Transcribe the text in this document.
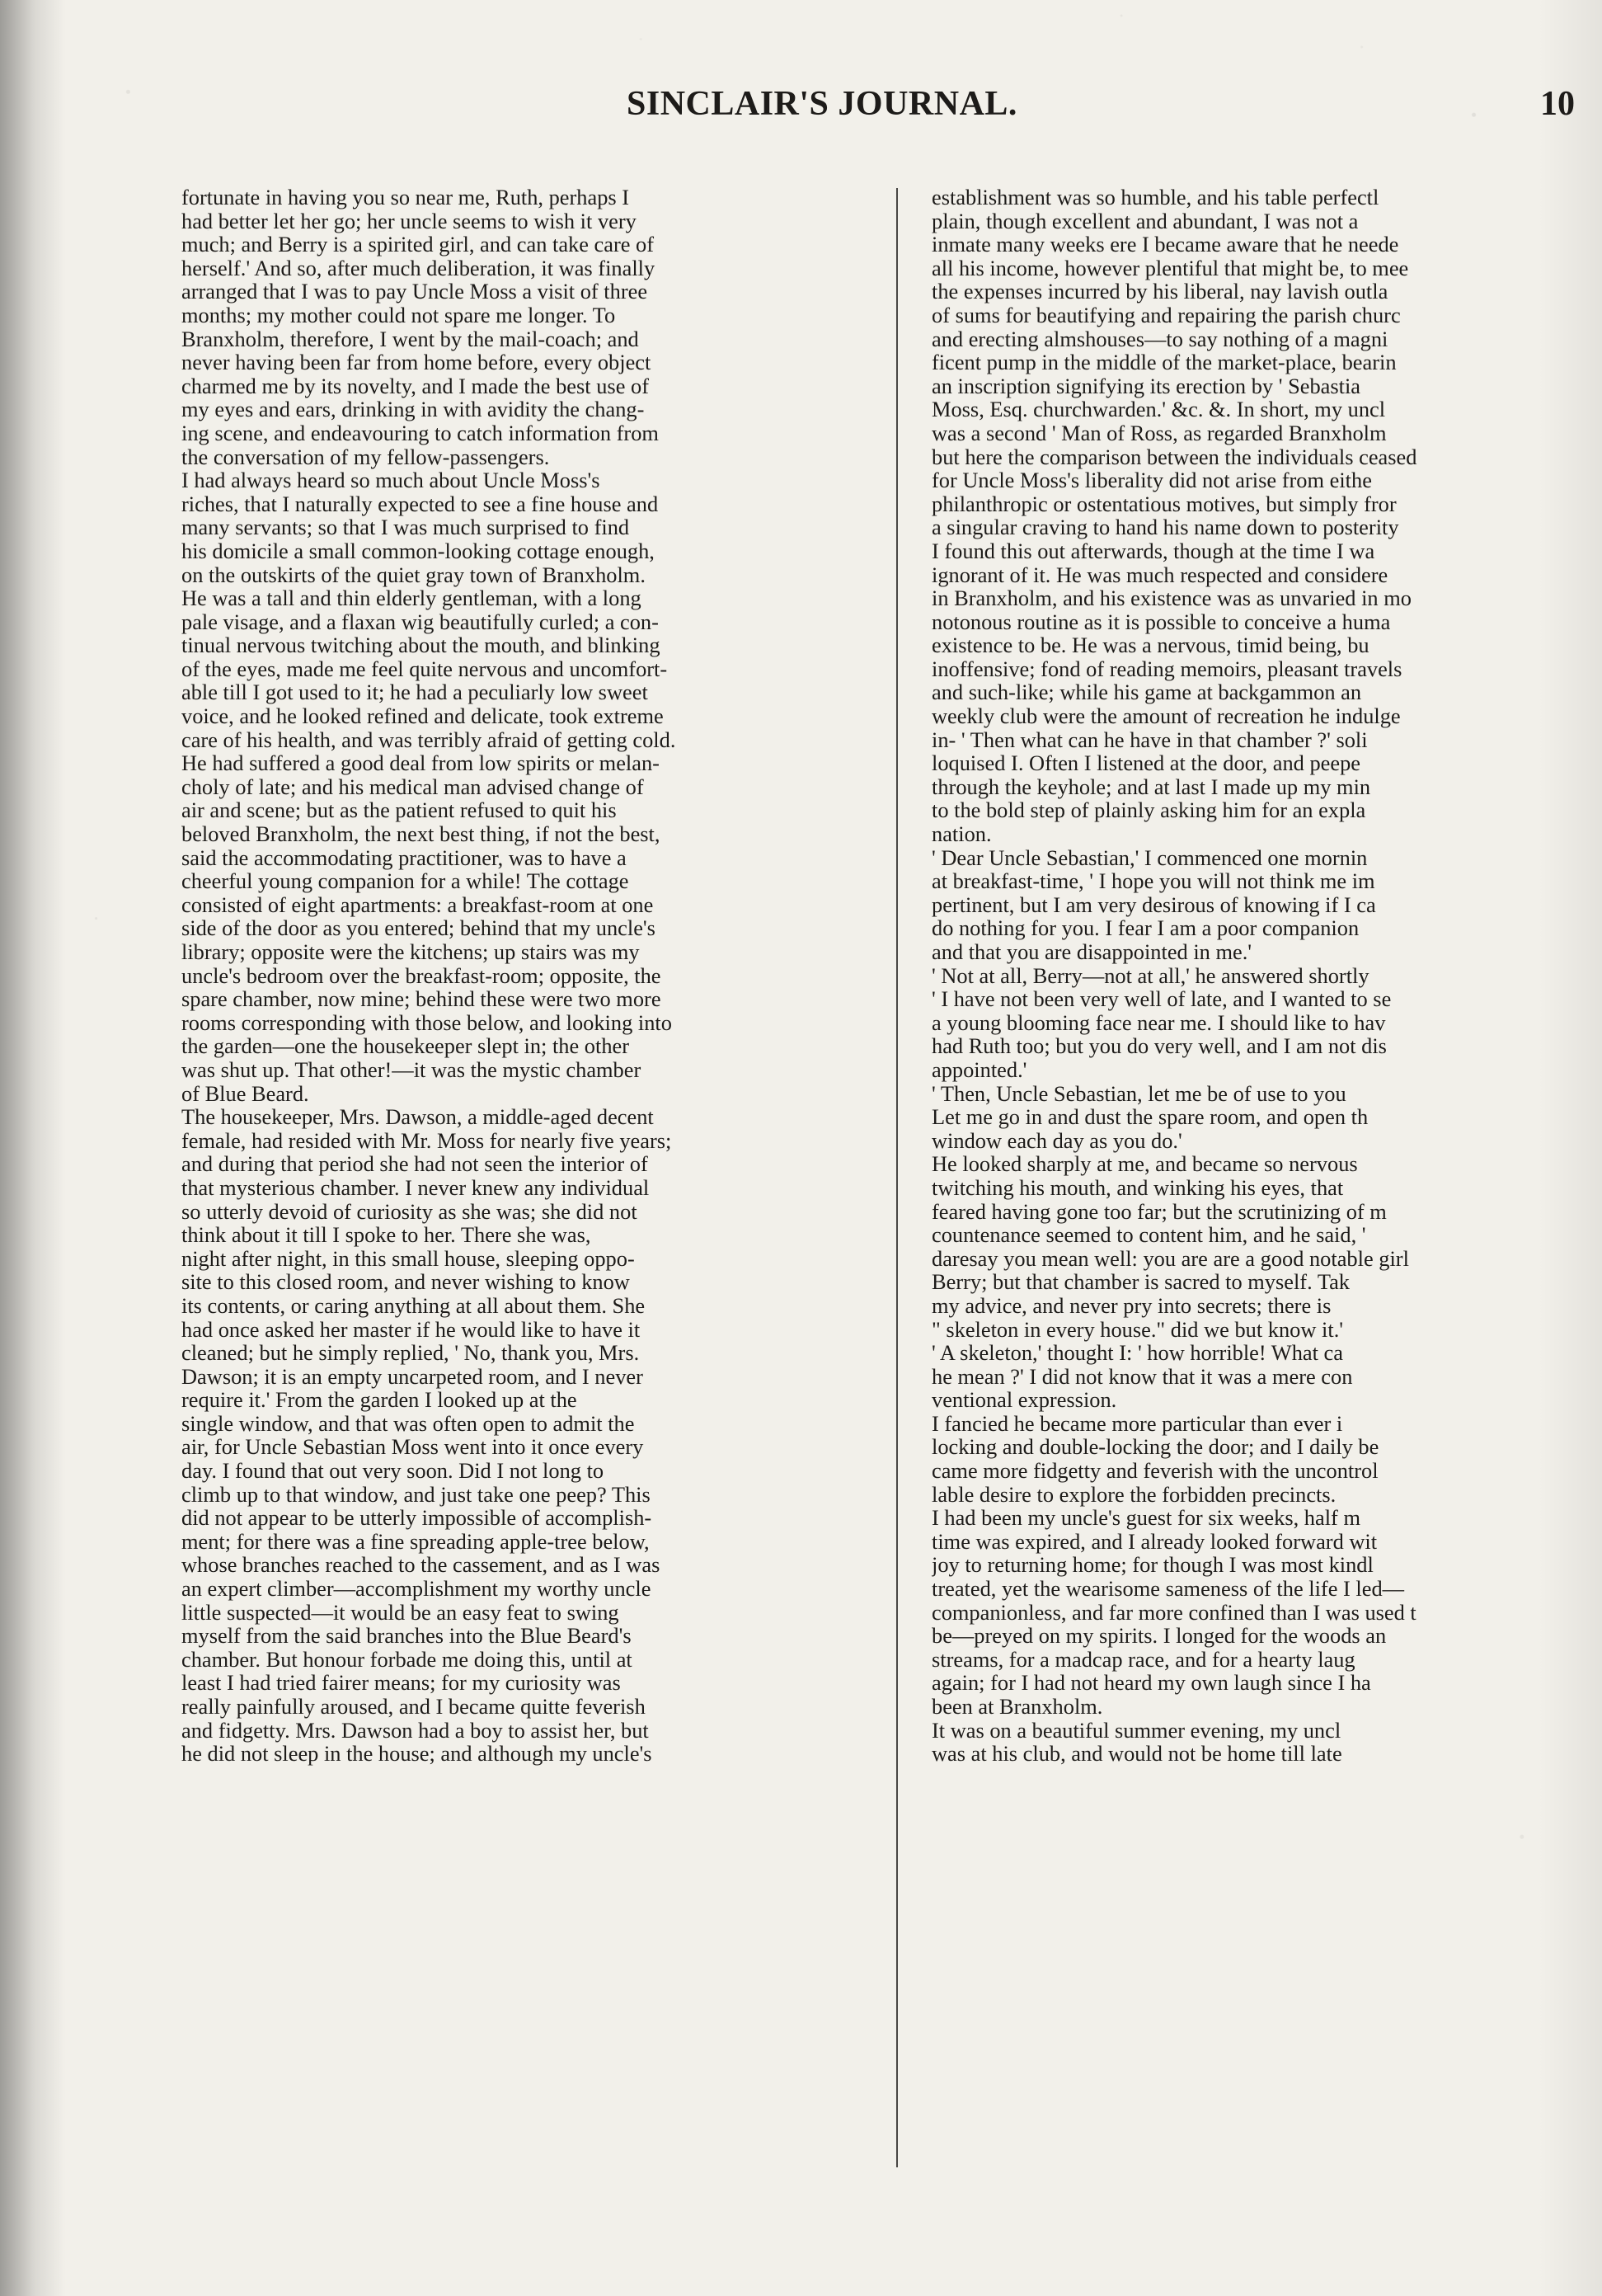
SINCLAIR'S JOURNAL.	10

fortunate in having you so near me, Ruth, perhaps I
had better let her go; her uncle seems to wish it very
much; and Berry is a spirited girl, and can take care of
herself.' And so, after much deliberation, it was finally
arranged that I was to pay Uncle Moss a visit of three
months; my mother could not spare me longer. To
Branxholm, therefore, I went by the mail-coach; and
never having been far from home before, every object
charmed me by its novelty, and I made the best use of
my eyes and ears, drinking in with avidity the chang-
ing scene, and endeavouring to catch information from
the conversation of my fellow-passengers.

I had always heard so much about Uncle Moss's
riches, that I naturally expected to see a fine house and
many servants; so that I was much surprised to find
his domicile a small common-looking cottage enough,
on the outskirts of the quiet gray town of Branxholm.

He was a tall and thin elderly gentleman, with a long
pale visage, and a flaxan wig beautifully curled; a con-
tinual nervous twitching about the mouth, and blinking
of the eyes, made me feel quite nervous and uncomfort-
able till I got used to it; he had a peculiarly low sweet
voice, and he looked refined and delicate, took extreme
care of his health, and was terribly afraid of getting cold.
He had suffered a good deal from low spirits or melan-
choly of late; and his medical man advised change of
air and scene; but as the patient refused to quit his
beloved Branxholm, the next best thing, if not the best,
said the accommodating practitioner, was to have a
cheerful young companion for a while! The cottage
consisted of eight apartments: a breakfast-room at one
side of the door as you entered; behind that my uncle's
library; opposite were the kitchens; up stairs was my
uncle's bedroom over the breakfast-room; opposite, the
spare chamber, now mine; behind these were two more
rooms corresponding with those below, and looking into
the garden—one the housekeeper slept in; the other
was shut up. That other!—it was the mystic chamber
of Blue Beard.

The housekeeper, Mrs. Dawson, a middle-aged decent
female, had resided with Mr. Moss for nearly five years;
and during that period she had not seen the interior of
that mysterious chamber. I never knew any individual
so utterly devoid of curiosity as she was; she did not
think about it till I spoke to her. There she was,
night after night, in this small house, sleeping oppo-
site to this closed room, and never wishing to know
its contents, or caring anything at all about them. She
had once asked her master if he would like to have it
cleaned; but he simply replied, ' No, thank you, Mrs.
Dawson; it is an empty uncarpeted room, and I never
require it.' From the garden I looked up at the
single window, and that was often open to admit the
air, for Uncle Sebastian Moss went into it once every
day. I found that out very soon. Did I not long to
climb up to that window, and just take one peep? This
did not appear to be utterly impossible of accomplish-
ment; for there was a fine spreading apple-tree below,
whose branches reached to the cassement, and as I was
an expert climber—accomplishment my worthy uncle
little suspected—it would be an easy feat to swing
myself from the said branches into the Blue Beard's
chamber. But honour forbade me doing this, until at
least I had tried fairer means; for my curiosity was
really painfully aroused, and I became quitte feverish
and fidgetty. Mrs. Dawson had a boy to assist her, but
he did not sleep in the house; and although my uncle's

establishment was so humble, and his table perfectl
plain, though excellent and abundant, I was not a
inmate many weeks ere I became aware that he neede
all his income, however plentiful that might be, to mee
the expenses incurred by his liberal, nay lavish outla
of sums for beautifying and repairing the parish churc
and erecting almshouses—to say nothing of a magni
ficent pump in the middle of the market-place, bearin
an inscription signifying its erection by ' Sebastia
Moss, Esq. churchwarden.' &c. &. In short, my uncl
was a second ' Man of Ross, as regarded Branxholm
but here the comparison between the individuals ceased
for Uncle Moss's liberality did not arise from eithe
philanthropic or ostentatious motives, but simply fror
a singular craving to hand his name down to posterity
I found this out afterwards, though at the time I wa
ignorant of it. He was much respected and considere
in Branxholm, and his existence was as unvaried in mo
notonous routine as it is possible to conceive a huma
existence to be. He was a nervous, timid being, bu
inoffensive; fond of reading memoirs, pleasant travels
and such-like; while his game at backgammon an
weekly club were the amount of recreation he indulge
in- ' Then what can he have in that chamber ?' soli
loquised I. Often I listened at the door, and peepe
through the keyhole; and at last I made up my min
to the bold step of plainly asking him for an expla
nation.

' Dear Uncle Sebastian,' I commenced one mornin
at breakfast-time, ' I hope you will not think me im
pertinent, but I am very desirous of knowing if I ca
do nothing for you. I fear I am a poor companion
and that you are disappointed in me.'

' Not at all, Berry—not at all,' he answered shortly
' I have not been very well of late, and I wanted to se
a young blooming face near me. I should like to hav
had Ruth too; but you do very well, and I am not dis
appointed.'

' Then, Uncle Sebastian, let me be of use to you
Let me go in and dust the spare room, and open th
window each day as you do.'

He looked sharply at me, and became so nervous
twitching his mouth, and winking his eyes, that
feared having gone too far; but the scrutinizing of m
countenance seemed to content him, and he said, '
daresay you mean well: you are are a good notable girl
Berry; but that chamber is sacred to myself. Tak
my advice, and never pry into secrets; there is
" skeleton in every house." did we but know it.'

' A skeleton,' thought I: ' how horrible! What ca
he mean ?' I did not know that it was a mere con
ventional expression.

I fancied he became more particular than ever i
locking and double-locking the door; and I daily be
came more fidgetty and feverish with the uncontrol
lable desire to explore the forbidden precincts.

I had been my uncle's guest for six weeks, half m
time was expired, and I already looked forward wit
joy to returning home; for though I was most kindl
treated, yet the wearisome sameness of the life I led—
companionless, and far more confined than I was used t
be—preyed on my spirits. I longed for the woods an
streams, for a madcap race, and for a hearty laug
again; for I had not heard my own laugh since I ha
been at Branxholm.

It was on a beautiful summer evening, my uncl
was at his club, and would not be home till late
